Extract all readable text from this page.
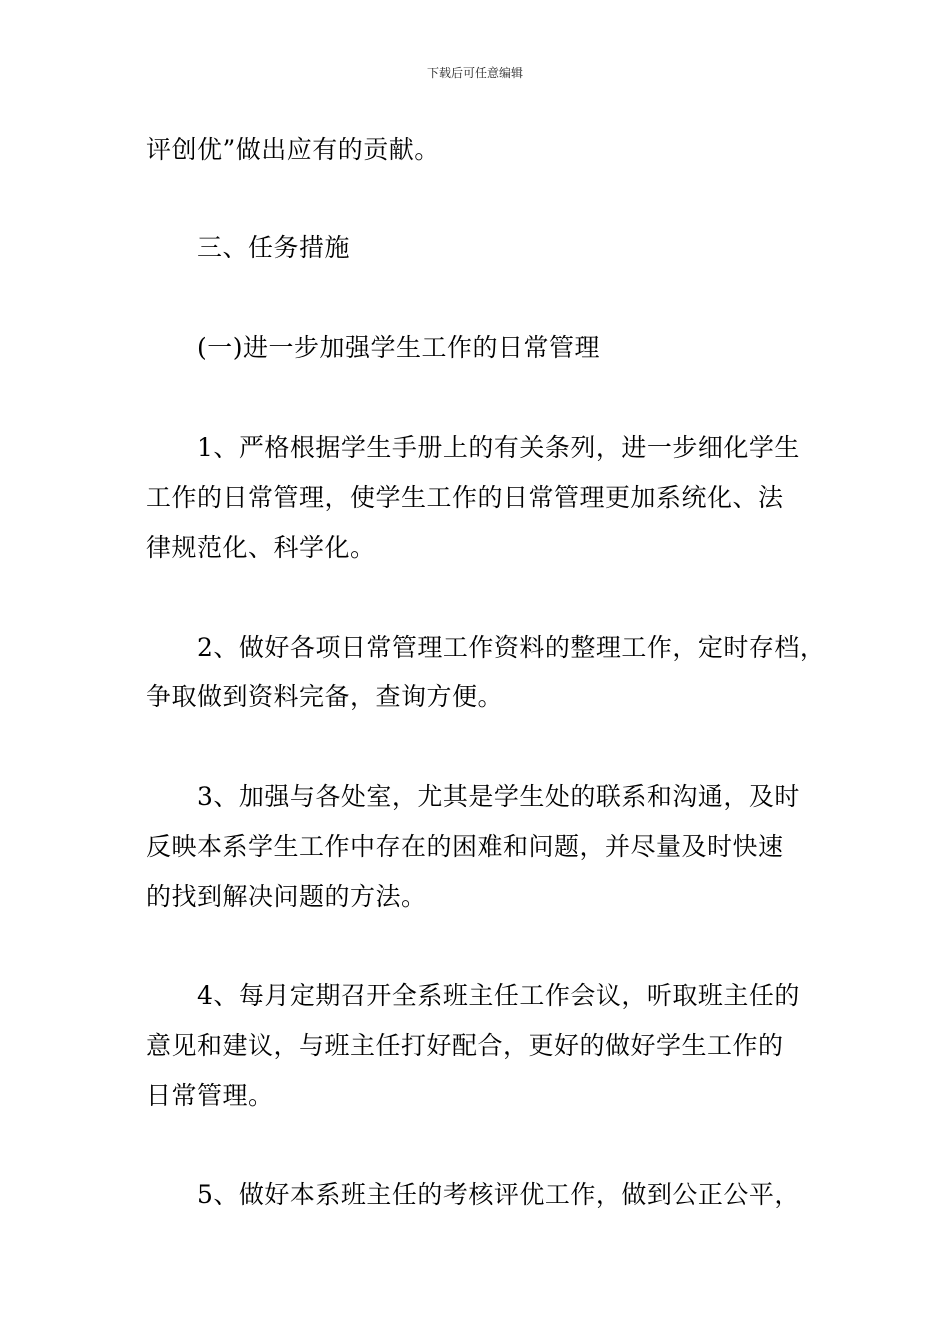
下载后可任意编辑
评创优”做出应有的贡献。
　　三、任务措施
　　(一)进一步加强学生工作的日常管理
　　1、严格根据学生手册上的有关条列，进一步细化学生
工作的日常管理，使学生工作的日常管理更加系统化、法
律规范化、科学化。
　　2、做好各项日常管理工作资料的整理工作，定时存档，
争取做到资料完备，查询方便。
　　3、加强与各处室，尤其是学生处的联系和沟通，及时
反映本系学生工作中存在的困难和问题，并尽量及时快速
的找到解决问题的方法。
　　4、每月定期召开全系班主任工作会议，听取班主任的
意见和建议，与班主任打好配合，更好的做好学生工作的
日常管理。
　　5、做好本系班主任的考核评优工作，做到公正公平，
